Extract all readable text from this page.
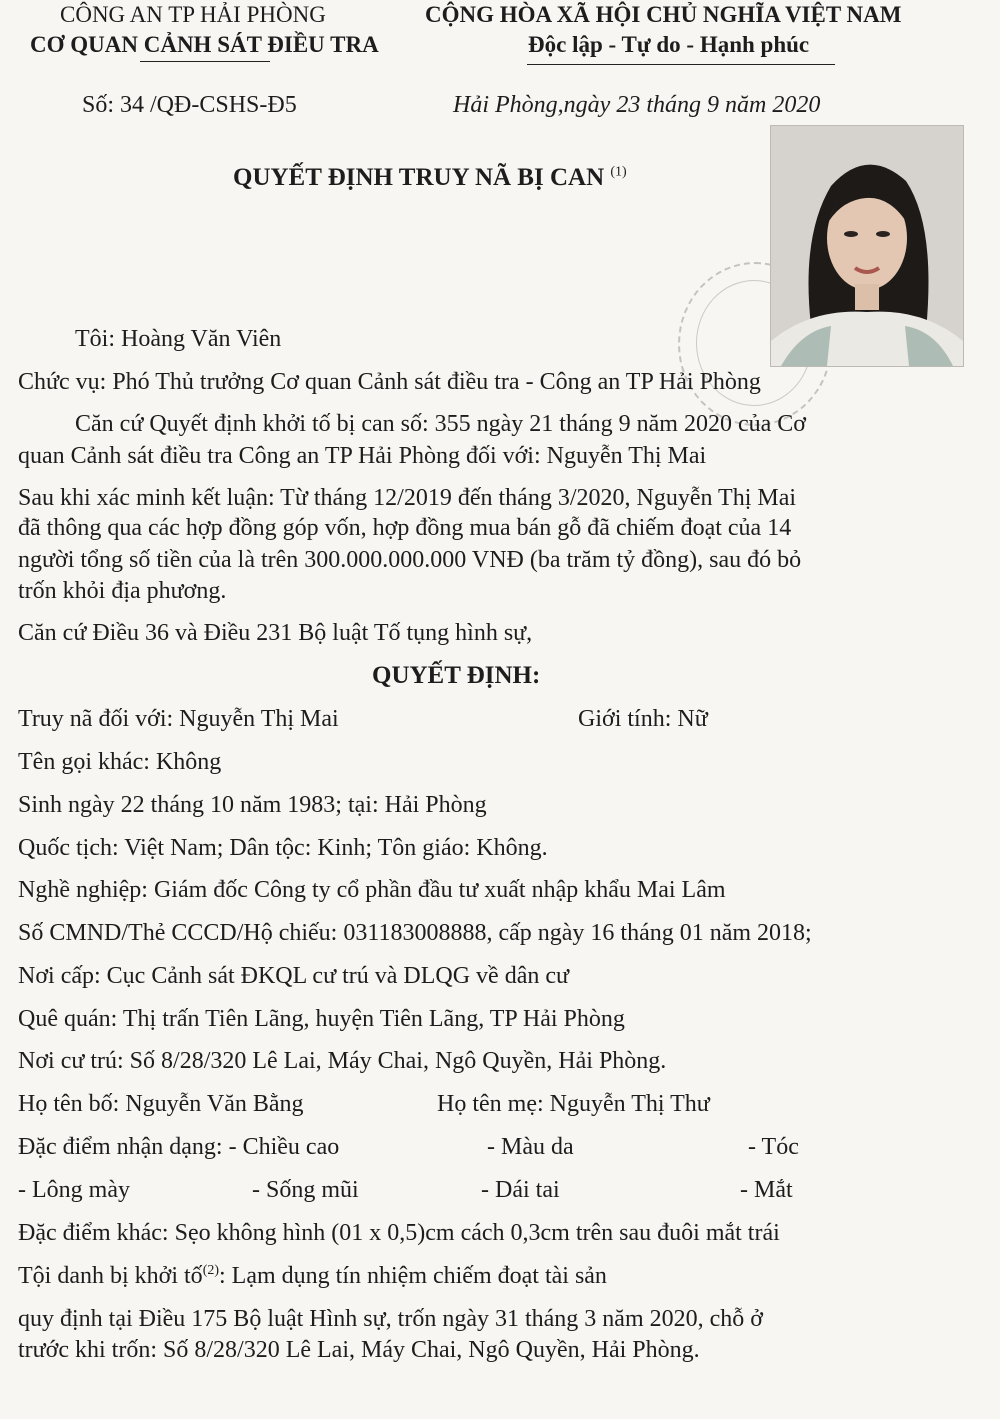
CÔNG AN TP HẢI PHÒNG
CƠ QUAN CẢNH SÁT ĐIỀU TRA
CỘNG HÒA XÃ HỘI CHỦ NGHĨA VIỆT NAM
Độc lập - Tự do - Hạnh phúc
Số: 34 /QĐ-CSHS-Đ5	Hải Phòng,ngày 23 tháng 9 năm 2020
QUYẾT ĐỊNH TRUY NÃ BỊ CAN $^{(1)}$
Tôi: Hoàng Văn Viên
Chức vụ: Phó Thủ trưởng Cơ quan Cảnh sát điều tra - Công an TP Hải Phòng
Căn cứ Quyết định khởi tố bị can số: 355 ngày 21 tháng 9 năm 2020 của Cơ
quan Cảnh sát điều tra Công an TP Hải Phòng đối với: Nguyễn Thị Mai
Sau khi xác minh kết luận: Từ tháng 12/2019 đến tháng 3/2020, Nguyễn Thị Mai
đã thông qua các hợp đồng góp vốn, hợp đồng mua bán gỗ đã chiếm đoạt của 14
người tổng số tiền của là trên 300.000.000.000 VNĐ (ba trăm tỷ đồng), sau đó bỏ
trốn khỏi địa phương.
Căn cứ Điều 36 và Điều 231 Bộ luật Tố tụng hình sự,
QUYẾT ĐỊNH:
Truy nã đối với: Nguyễn Thị Mai	Giới tính: Nữ
Tên gọi khác: Không
Sinh ngày 22 tháng 10 năm 1983; tại: Hải Phòng
Quốc tịch: Việt Nam; Dân tộc: Kinh; Tôn giáo: Không.
Nghề nghiệp: Giám đốc Công ty cổ phần đầu tư xuất nhập khẩu Mai Lâm
Số CMND/Thẻ CCCD/Hộ chiếu: 031183008888, cấp ngày 16 tháng 01 năm 2018;
Nơi cấp: Cục Cảnh sát ĐKQL cư trú và DLQG về dân cư
Quê quán: Thị trấn Tiên Lãng, huyện Tiên Lãng, TP Hải Phòng
Nơi cư trú: Số 8/28/320 Lê Lai, Máy Chai, Ngô Quyền, Hải Phòng.
Họ tên bố: Nguyễn Văn Bằng	Họ tên mẹ: Nguyễn Thị Thư
Đặc điểm nhận dạng: - Chiều cao	- Màu da	- Tóc
- Lông mày	- Sống mũi	- Dái tai	- Mắt
Đặc điểm khác: Sẹo không hình (01 x 0,5)cm cách 0,3cm trên sau đuôi mắt trái
Tội danh bị khởi tố$^{(2)}$: Lạm dụng tín nhiệm chiếm đoạt tài sản
quy định tại Điều 175 Bộ luật Hình sự, trốn ngày 31 tháng 3 năm 2020, chỗ ở
trước khi trốn: Số 8/28/320 Lê Lai, Máy Chai, Ngô Quyền, Hải Phòng.
